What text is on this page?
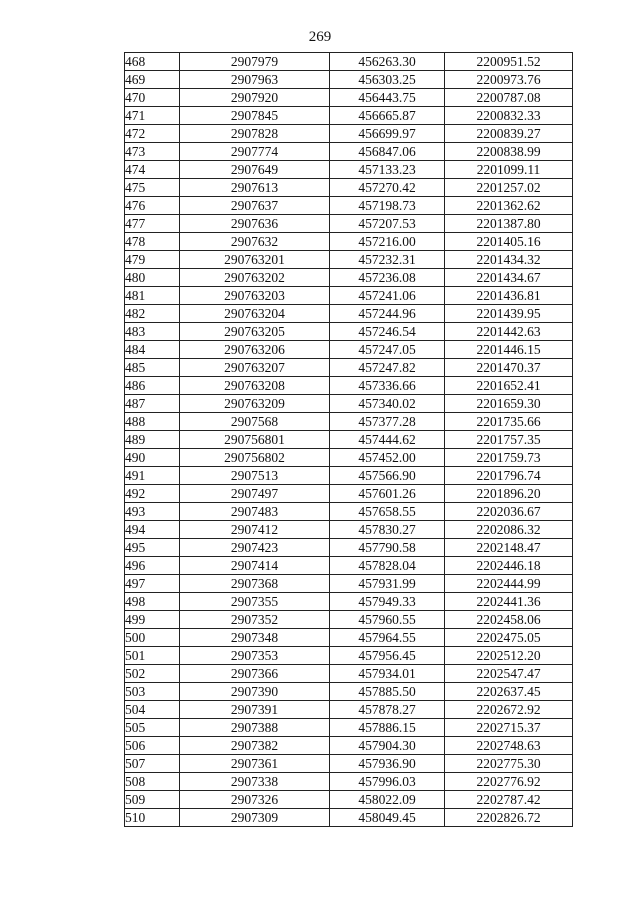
269
468	2907979	456263.30	2200951.52
469	2907963	456303.25	2200973.76
470	2907920	456443.75	2200787.08
471	2907845	456665.87	2200832.33
472	2907828	456699.97	2200839.27
473	2907774	456847.06	2200838.99
474	2907649	457133.23	2201099.11
475	2907613	457270.42	2201257.02
476	2907637	457198.73	2201362.62
477	2907636	457207.53	2201387.80
478	2907632	457216.00	2201405.16
479	290763201	457232.31	2201434.32
480	290763202	457236.08	2201434.67
481	290763203	457241.06	2201436.81
482	290763204	457244.96	2201439.95
483	290763205	457246.54	2201442.63
484	290763206	457247.05	2201446.15
485	290763207	457247.82	2201470.37
486	290763208	457336.66	2201652.41
487	290763209	457340.02	2201659.30
488	2907568	457377.28	2201735.66
489	290756801	457444.62	2201757.35
490	290756802	457452.00	2201759.73
491	2907513	457566.90	2201796.74
492	2907497	457601.26	2201896.20
493	2907483	457658.55	2202036.67
494	2907412	457830.27	2202086.32
495	2907423	457790.58	2202148.47
496	2907414	457828.04	2202446.18
497	2907368	457931.99	2202444.99
498	2907355	457949.33	2202441.36
499	2907352	457960.55	2202458.06
500	2907348	457964.55	2202475.05
501	2907353	457956.45	2202512.20
502	2907366	457934.01	2202547.47
503	2907390	457885.50	2202637.45
504	2907391	457878.27	2202672.92
505	2907388	457886.15	2202715.37
506	2907382	457904.30	2202748.63
507	2907361	457936.90	2202775.30
508	2907338	457996.03	2202776.92
509	2907326	458022.09	2202787.42
510	2907309	458049.45	2202826.72
